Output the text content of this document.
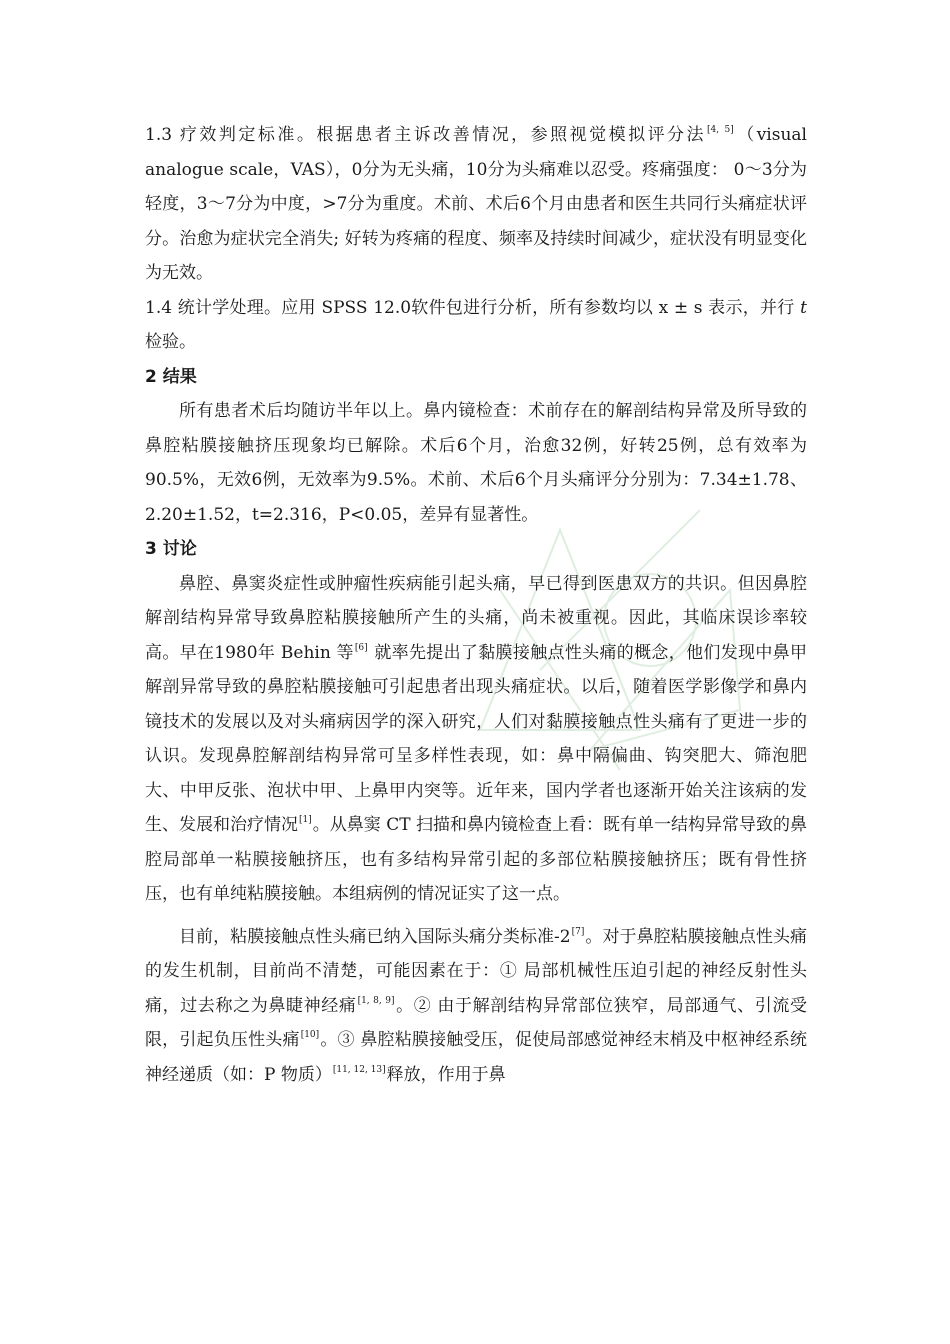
1.3 疗效判定标准。根据患者主诉改善情况，参照视觉模拟评分法[4, 5]（visual analogue scale，VAS），0分为无头痛，10分为头痛难以忍受。疼痛强度： 0～3分为轻度，3～7分为中度，>7分为重度。术前、术后6个月由患者和医生共同行头痛症状评分。治愈为症状完全消失; 好转为疼痛的程度、频率及持续时间减少，症状没有明显变化为无效。

1.4 统计学处理。应用 SPSS 12.0软件包进行分析，所有参数均以 x ± s 表示，并行 t 检验。

2 结果

所有患者术后均随访半年以上。鼻内镜检查：术前存在的解剖结构异常及所导致的鼻腔粘膜接触挤压现象均已解除。术后6个月，治愈32例，好转25例，总有效率为90.5%，无效6例，无效率为9.5%。术前、术后6个月头痛评分分别为：7.34±1.78、2.20±1.52，t=2.316，P<0.05，差异有显著性。

3 讨论

鼻腔、鼻窦炎症性或肿瘤性疾病能引起头痛，早已得到医患双方的共识。但因鼻腔解剖结构异常导致鼻腔粘膜接触所产生的头痛，尚未被重视。因此，其临床误诊率较高。早在1980年 Behin 等[6] 就率先提出了黏膜接触点性头痛的概念，他们发现中鼻甲解剖异常导致的鼻腔粘膜接触可引起患者出现头痛症状。以后，随着医学影像学和鼻内镜技术的发展以及对头痛病因学的深入研究，人们对黏膜接触点性头痛有了更进一步的认识。发现鼻腔解剖结构异常可呈多样性表现，如：鼻中隔偏曲、钩突肥大、筛泡肥大、中甲反张、泡状中甲、上鼻甲内突等。近年来，国内学者也逐渐开始关注该病的发生、发展和治疗情况[1]。从鼻窦 CT 扫描和鼻内镜检查上看：既有单一结构异常导致的鼻腔局部单一粘膜接触挤压，也有多结构异常引起的多部位粘膜接触挤压；既有骨性挤压，也有单纯粘膜接触。本组病例的情况证实了这一点。

目前，粘膜接触点性头痛已纳入国际头痛分类标准-2[7]。对于鼻腔粘膜接触点性头痛的发生机制，目前尚不清楚，可能因素在于：① 局部机械性压迫引起的神经反射性头痛，过去称之为鼻睫神经痛[1, 8, 9]。② 由于解剖结构异常部位狭窄，局部通气、引流受限，引起负压性头痛[10]。③ 鼻腔粘膜接触受压，促使局部感觉神经末梢及中枢神经系统神经递质（如：P 物质）[11, 12, 13]释放，作用于鼻
